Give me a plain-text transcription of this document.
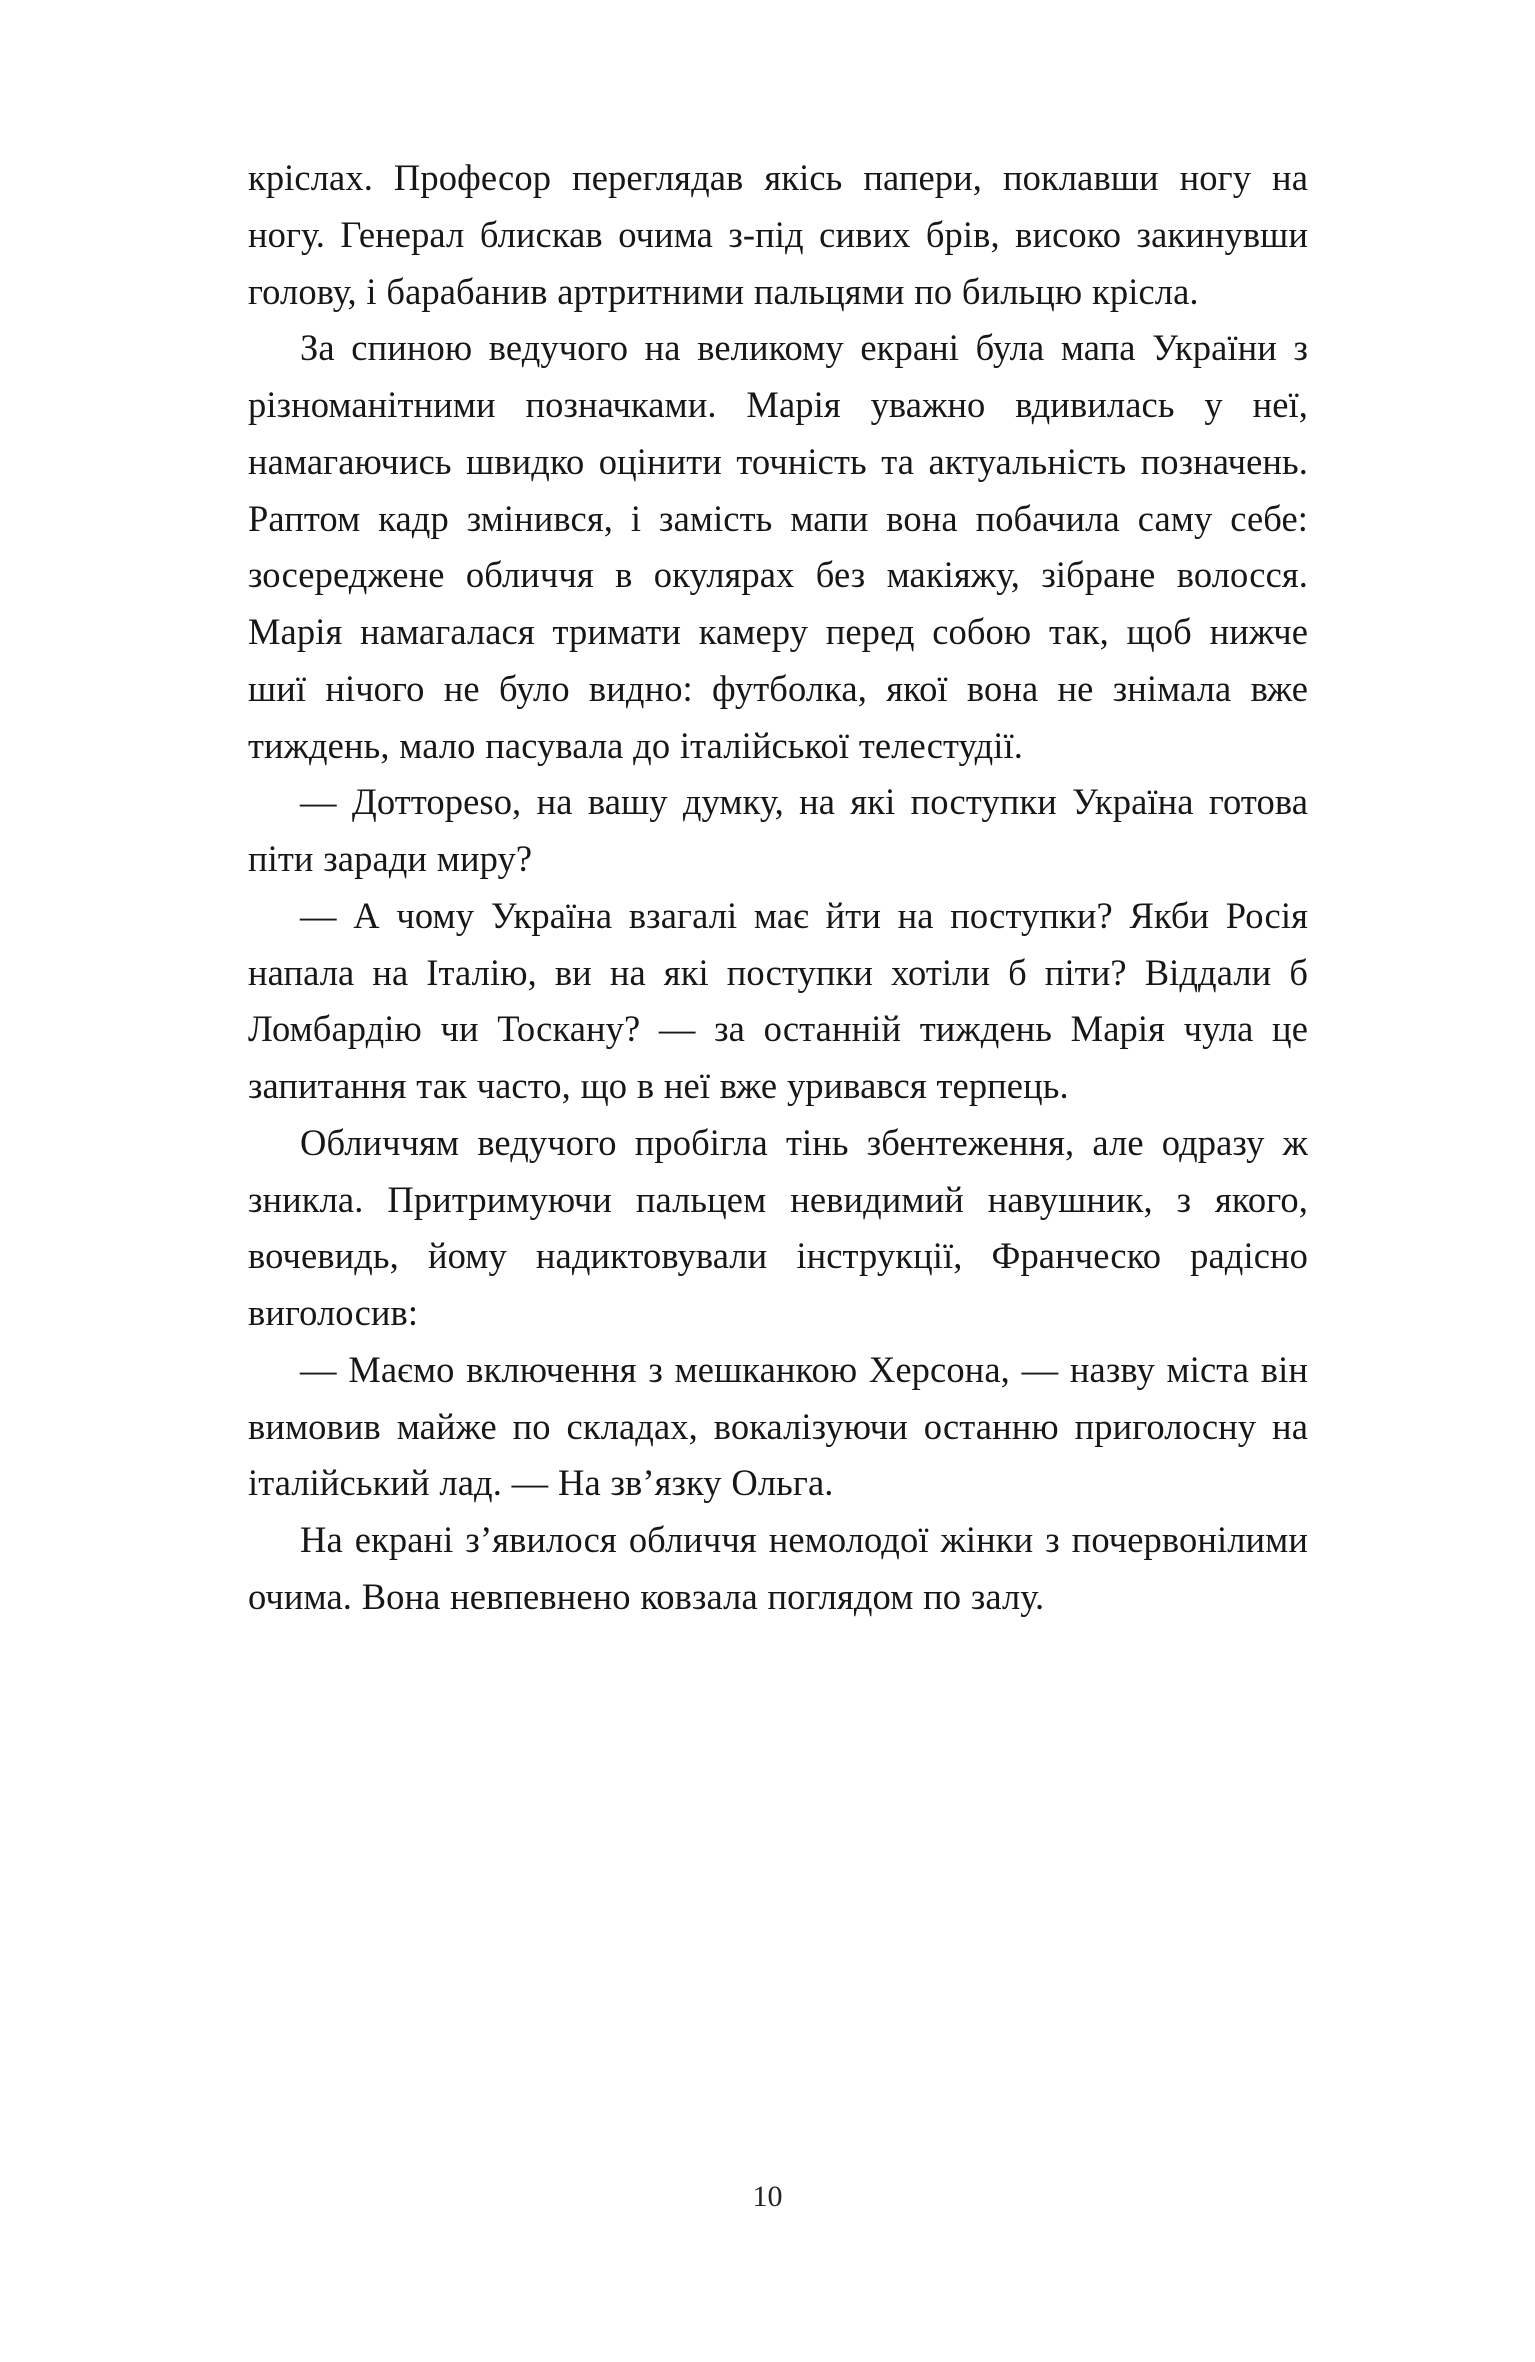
кріслах. Професор переглядав якісь папери, поклавши ногу на ногу. Генерал блискав очима з-під сивих брів, високо закинувши голову, і барабанив артритними пальцями по бильцю крісла.

За спиною ведучого на великому екрані була мапа України з різноманітними позначками. Марія уважно вдивилась у неї, намагаючись швидко оцінити точність та актуальність позначень. Раптом кадр змінився, і замість мапи вона побачила саму себе: зосереджене обличчя в окулярах без макіяжу, зібране волосся. Марія намагалася тримати камеру перед собою так, щоб нижче шиї нічого не було видно: футболка, якої вона не знімала вже тиждень, мало пасувала до італійської телестудії.

— Доттореso, на вашу думку, на які поступки Україна готова піти заради миру?

— А чому Україна взагалі має йти на поступки? Якби Росія напала на Італію, ви на які поступки хотіли б піти? Віддали б Ломбардію чи Тоскану? — за останній тиждень Марія чула це запитання так часто, що в неї вже уривався терпець.

Обличчям ведучого пробігла тінь збентеження, але одразу ж зникла. Притримуючи пальцем невидимий навушник, з якого, вочевидь, йому надиктовували інструкції, Франческо радісно виголосив:

— Маємо включення з мешканкою Херсона, — назву міста він вимовив майже по складах, вокалізуючи останню приголосну на італійський лад. — На зв’язку Ольга.

На екрані з’явилося обличчя немолодої жінки з почервонілими очима. Вона невпевнено ковзала поглядом по залу.

10
